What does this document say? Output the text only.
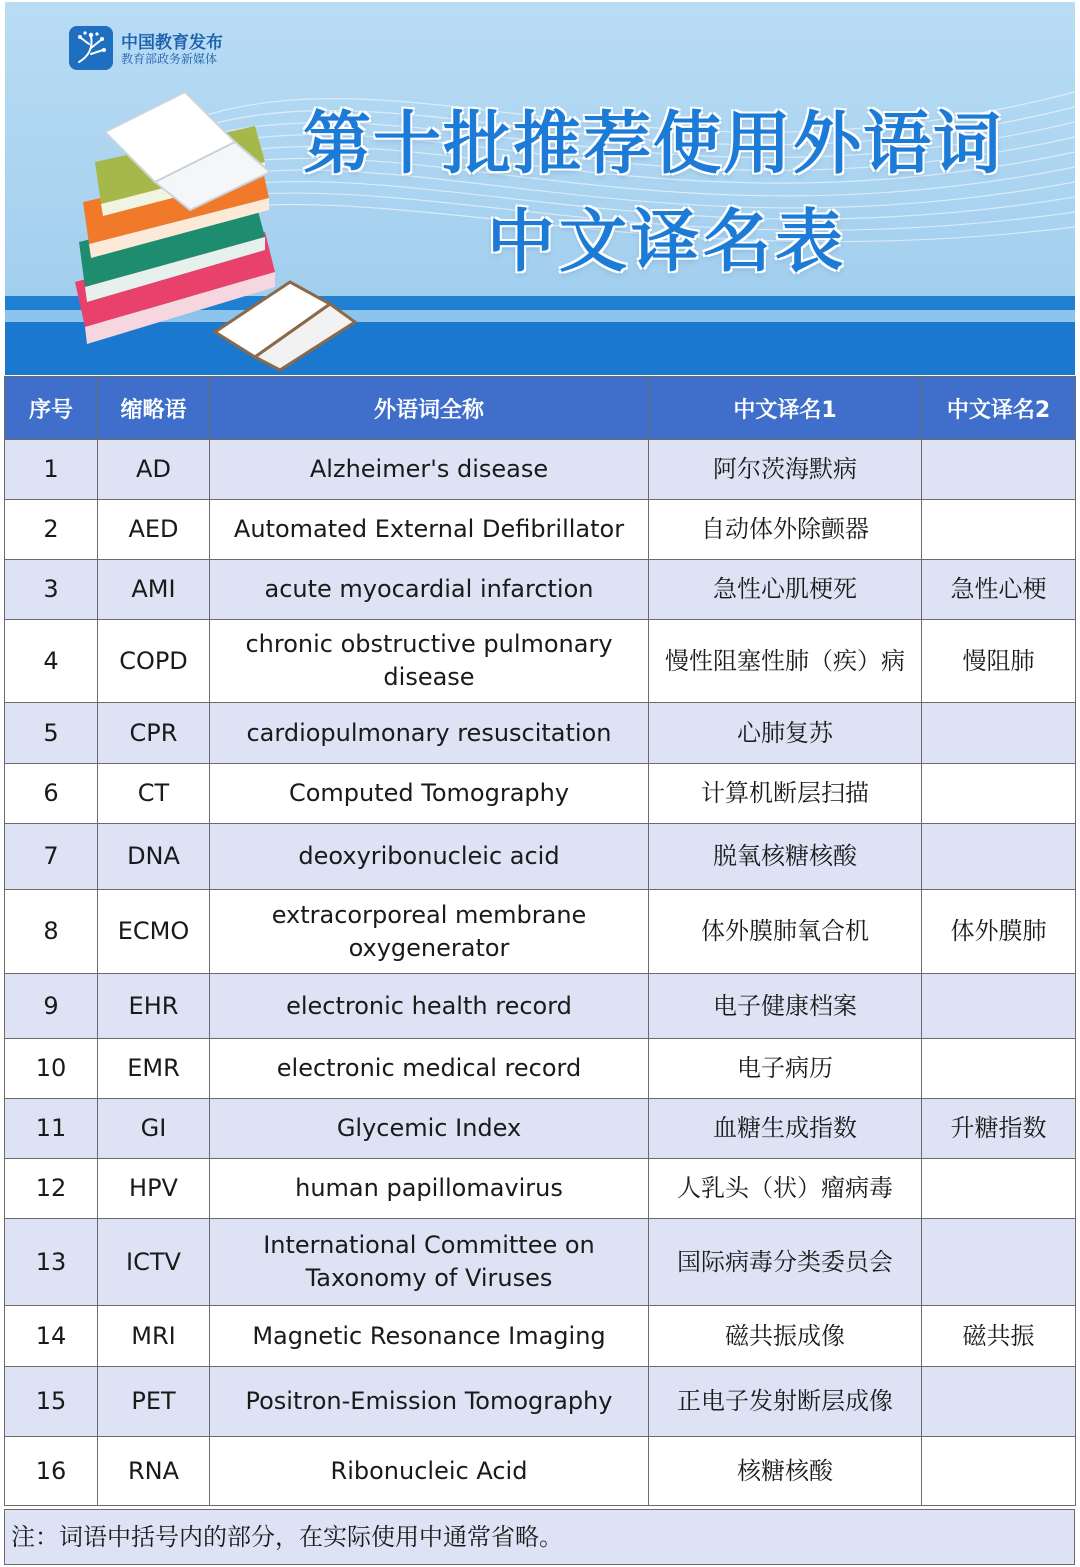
中国教育发布
教育部政务新媒体
第十批推荐使用外语词
中文译名表
序号	缩略语	外语词全称	中文译名1	中文译名2
1	AD	Alzheimer's disease	阿尔茨海默病	
2	AED	Automated External Defibrillator	自动体外除颤器	
3	AMI	acute myocardial infarction	急性心肌梗死	急性心梗
4	COPD	chronic obstructive pulmonary disease	慢性阻塞性肺（疾）病	慢阻肺
5	CPR	cardiopulmonary resuscitation	心肺复苏	
6	CT	Computed Tomography	计算机断层扫描	
7	DNA	deoxyribonucleic acid	脱氧核糖核酸	
8	ECMO	extracorporeal membrane oxygenerator	体外膜肺氧合机	体外膜肺
9	EHR	electronic health record	电子健康档案	
10	EMR	electronic medical record	电子病历	
11	GI	Glycemic Index	血糖生成指数	升糖指数
12	HPV	human papillomavirus	人乳头（状）瘤病毒	
13	ICTV	International Committee on Taxonomy of Viruses	国际病毒分类委员会	
14	MRI	Magnetic Resonance Imaging	磁共振成像	磁共振
15	PET	Positron-Emission Tomography	正电子发射断层成像	
16	RNA	Ribonucleic Acid	核糖核酸	
注：词语中括号内的部分，在实际使用中通常省略。
